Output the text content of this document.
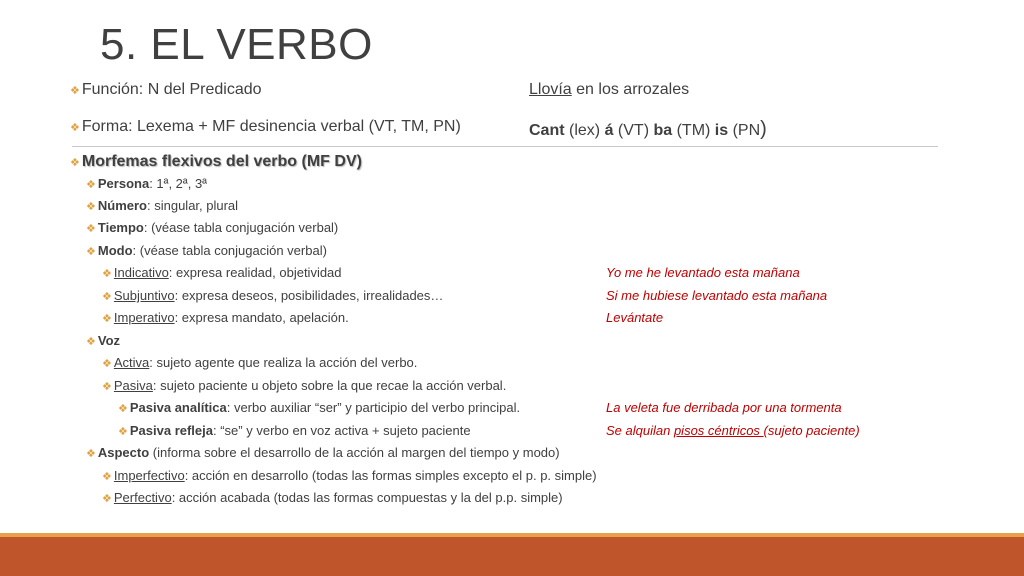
5. EL VERBO
❖ Función: N del Predicado	Llovía en los arrozales
❖ Forma: Lexema + MF desinencia verbal (VT, TM, PN)	Cant (lex) á (VT) ba (TM) is (PN)
❖ Morfemas flexivos del verbo (MF DV)
❖ Persona: 1ª, 2ª, 3ª
❖ Número: singular, plural
❖ Tiempo: (véase tabla conjugación verbal)
❖ Modo: (véase tabla conjugación verbal)
❖ Indicativo: expresa realidad, objetividad	Yo me he levantado esta mañana
❖ Subjuntivo: expresa deseos, posibilidades, irrealidades…	Si me hubiese levantado esta mañana
❖ Imperativo: expresa mandato, apelación.	Levántate
❖ Voz
❖ Activa: sujeto agente que realiza la acción del verbo.
❖ Pasiva: sujeto paciente u objeto sobre la que recae la acción verbal.
❖ Pasiva analítica: verbo auxiliar “ser” y participio del verbo principal.	La veleta fue derribada por una tormenta
❖ Pasiva refleja: “se” y verbo en voz activa + sujeto paciente	Se alquilan pisos céntricos (sujeto paciente)
❖ Aspecto (informa sobre el desarrollo de la acción al margen del tiempo y modo)
❖ Imperfectivo: acción en desarrollo (todas las formas simples excepto el p. p. simple)
❖ Perfectivo: acción acabada (todas las formas compuestas y la del p.p. simple)
